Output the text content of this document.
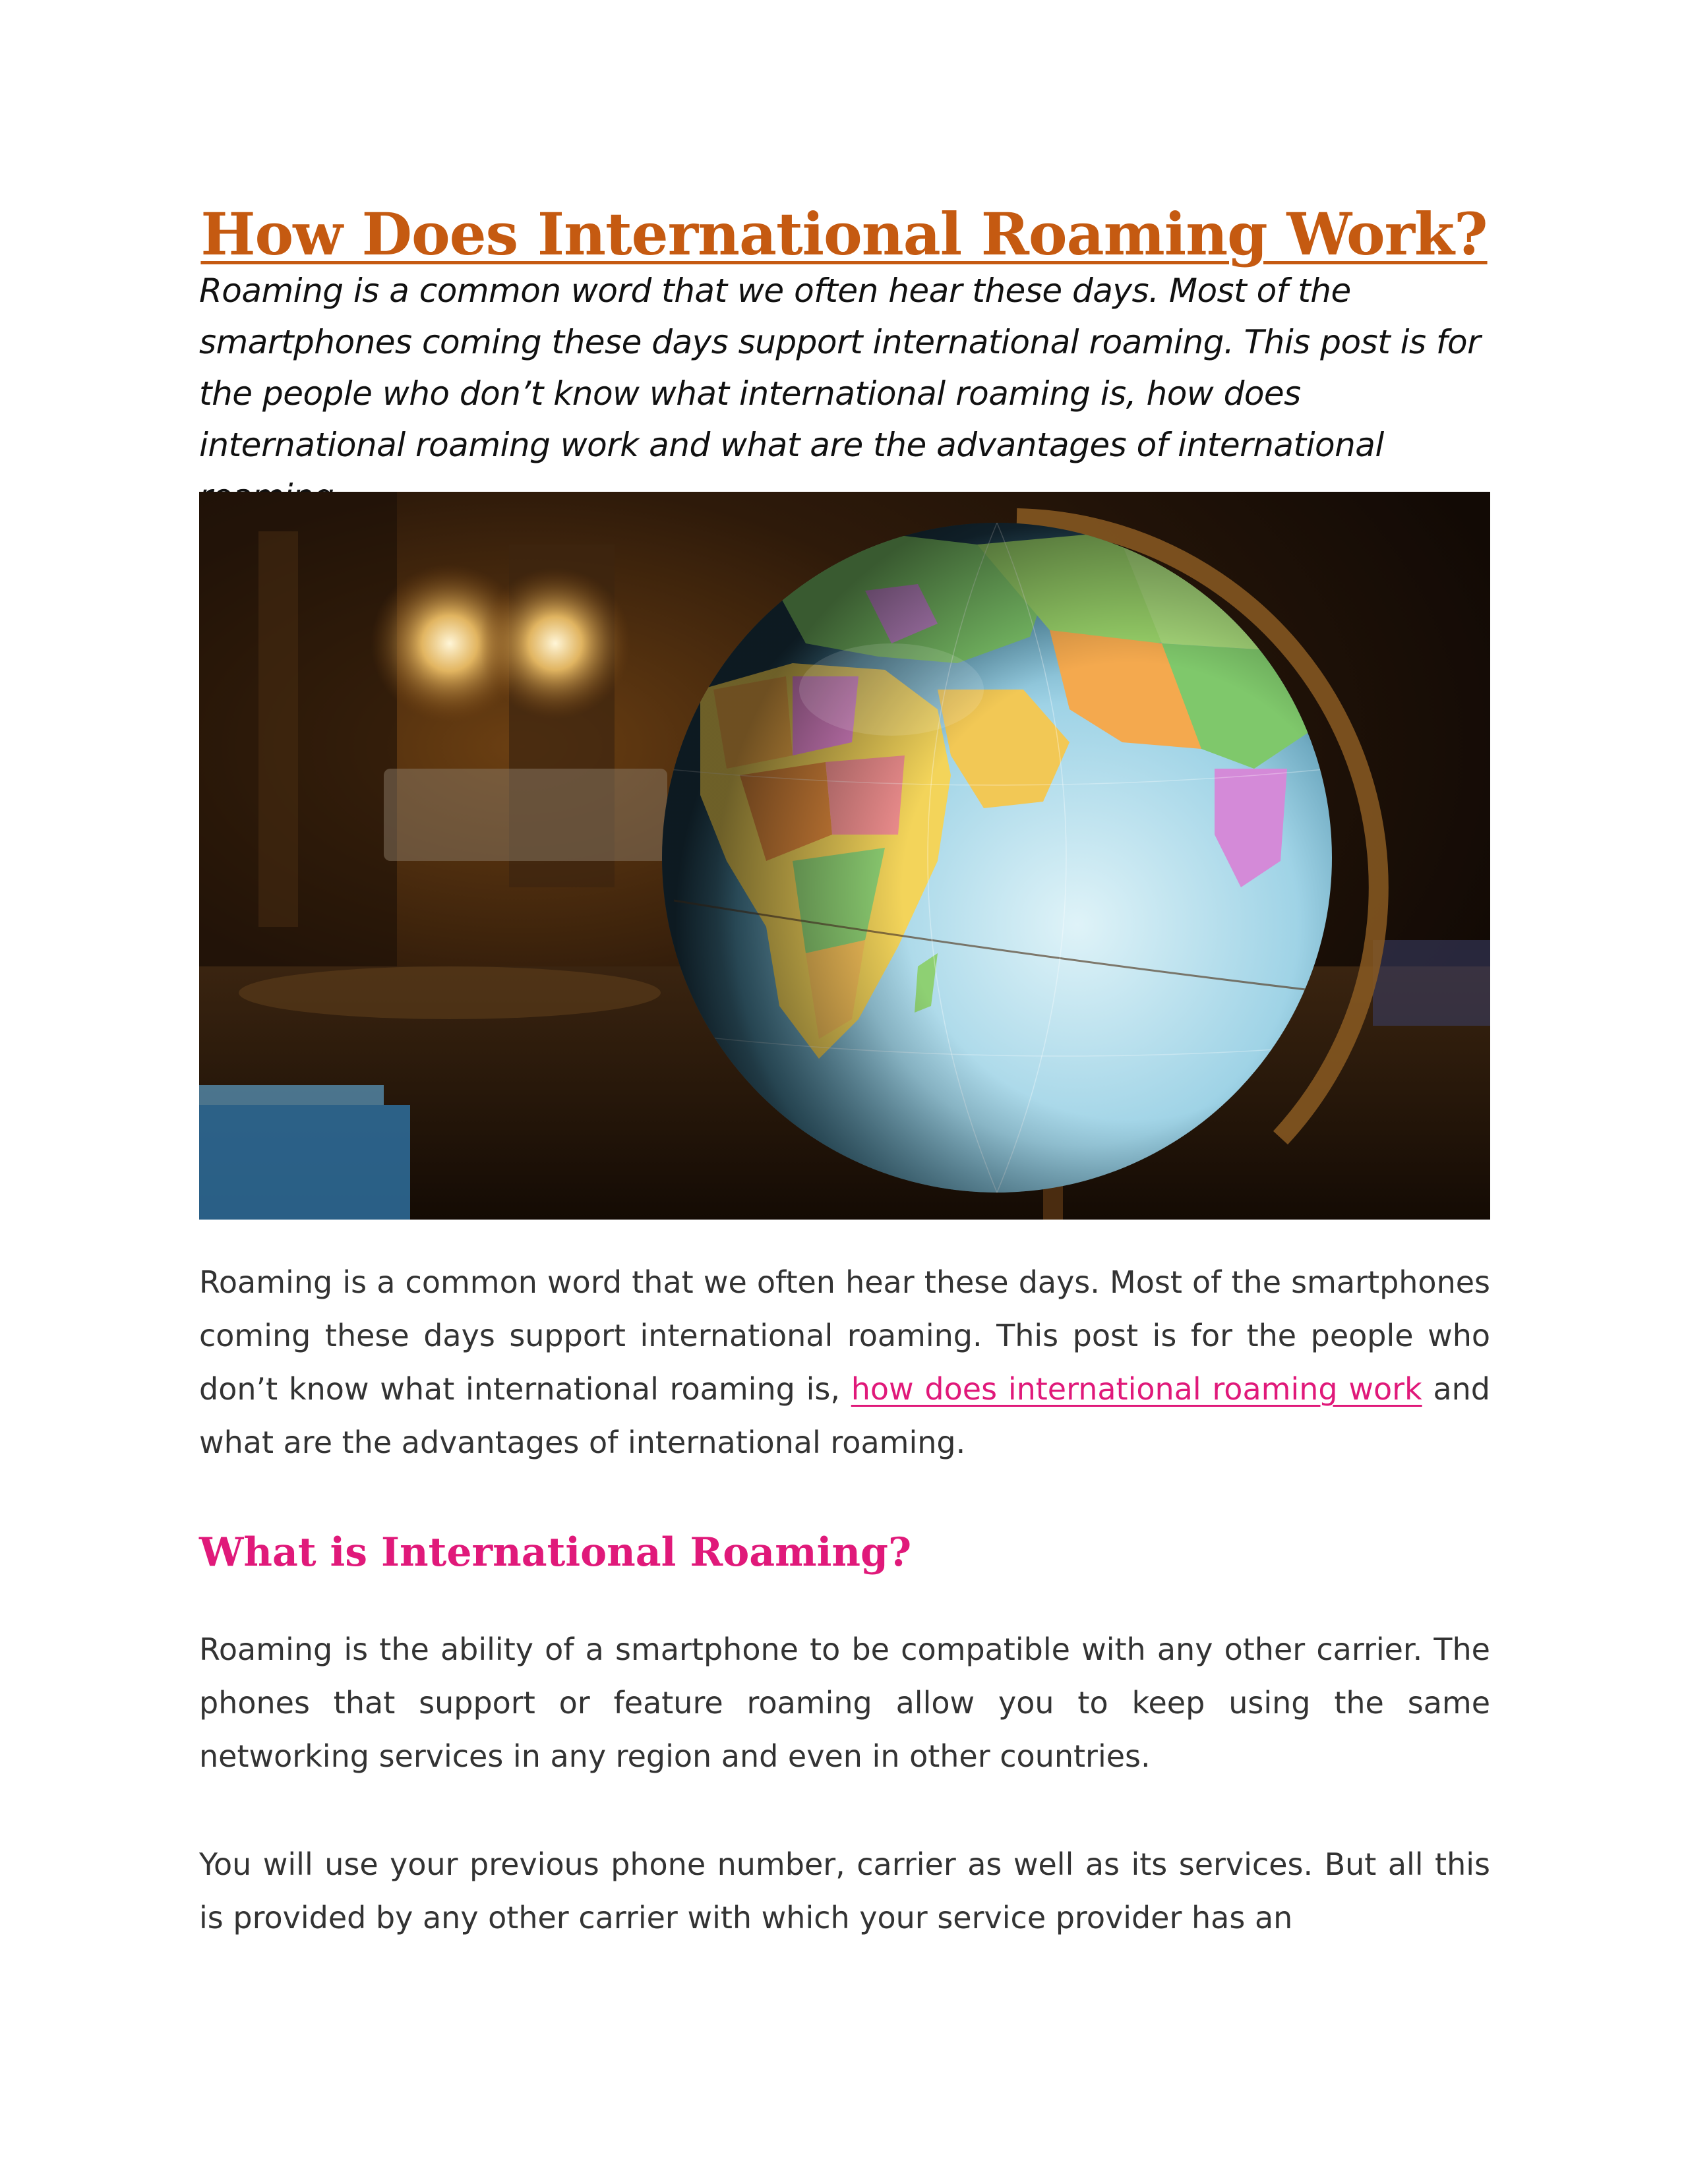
How Does International Roaming Work?

Roaming is a common word that we often hear these days. Most of the smartphones coming these days support international roaming. This post is for the people who don’t know what international roaming is, how does international roaming work and what are the advantages of international

Roaming is a common word that we often hear these days. Most of the smartphones coming these days support international roaming. This post is for the people who don’t know what international roaming is, how does international roaming work and what are the advantages of international roaming.

What is International Roaming?

Roaming is the ability of a smartphone to be compatible with any other carrier. The phones that support or feature roaming allow you to keep using the same networking services in any region and even in other countries.

You will use your previous phone number, carrier as well as its services. But all this is provided by any other carrier with which your service provider has an
